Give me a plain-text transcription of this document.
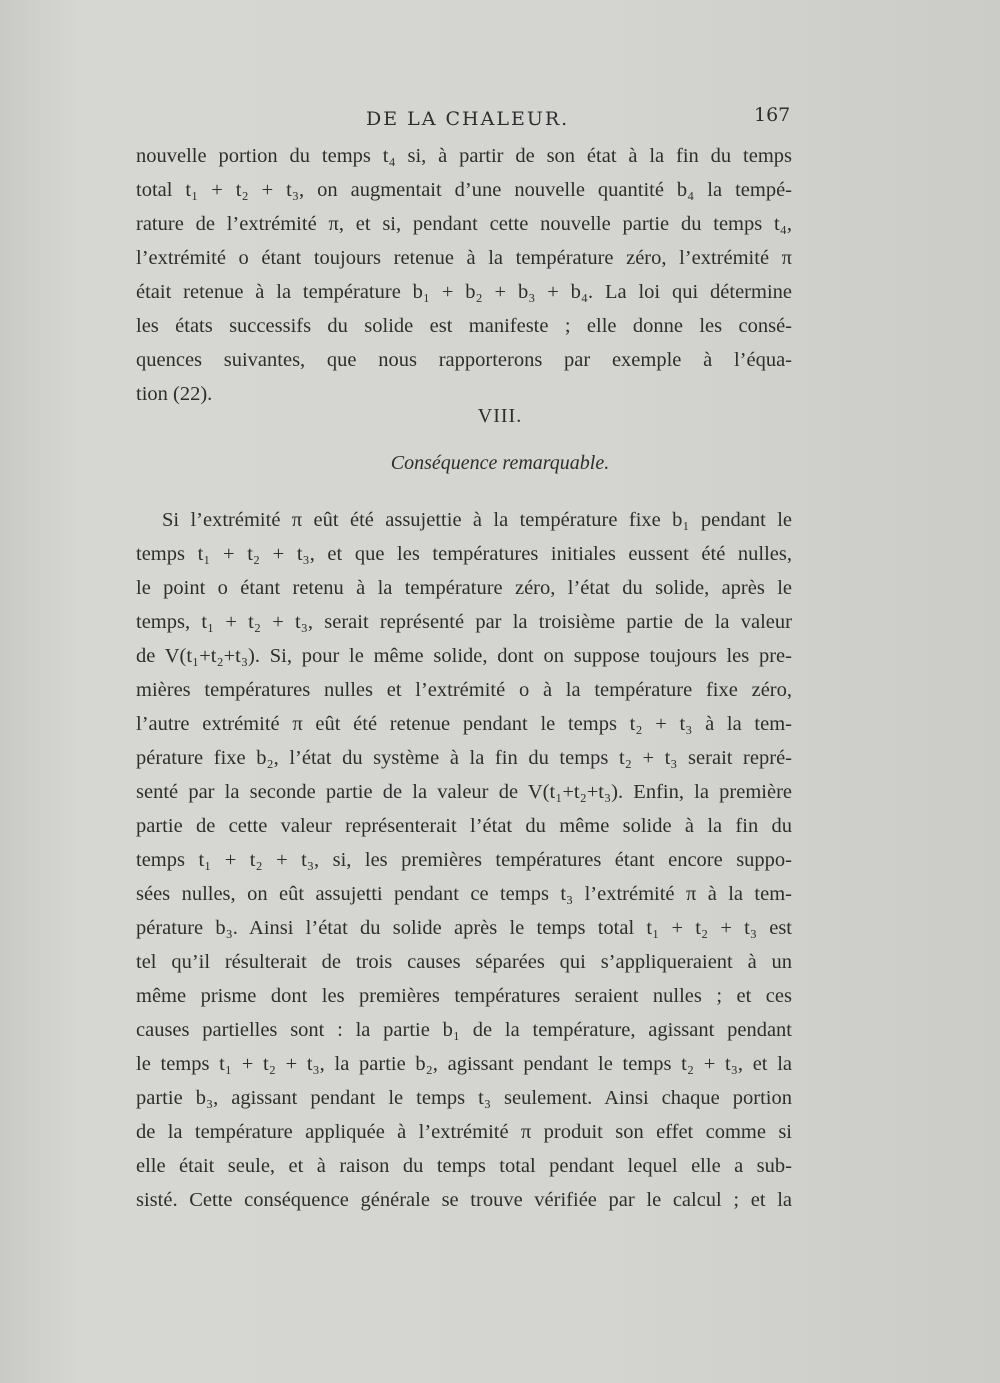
DE LA CHALEUR.	167
nouvelle portion du temps t₄ si, à partir de son état à la fin du temps
total t₁ + t₂ + t₃, on augmentait d’une nouvelle quantité b₄ la tempé-
rature de l’extrémité π, et si, pendant cette nouvelle partie du temps t₄,
l’extrémité o étant toujours retenue à la température zéro, l’extrémité π
était retenue à la température b₁ + b₂ + b₃ + b₄. La loi qui détermine
les états successifs du solide est manifeste ; elle donne les consé-
quences suivantes, que nous rapporterons par exemple à l’équa-
tion (22).
VIII.
Conséquence remarquable.
Si l’extrémité π eût été assujettie à la température fixe b₁ pendant le
temps t₁ + t₂ + t₃, et que les températures initiales eussent été nulles,
le point o étant retenu à la température zéro, l’état du solide, après le
temps, t₁ + t₂ + t₃, serait représenté par la troisième partie de la valeur
de V(t₁+t₂+t₃). Si, pour le même solide, dont on suppose toujours les pre-
mières températures nulles et l’extrémité o à la température fixe zéro,
l’autre extrémité π eût été retenue pendant le temps t₂ + t₃ à la tem-
pérature fixe b₂, l’état du système à la fin du temps t₂ + t₃ serait repré-
senté par la seconde partie de la valeur de V(t₁+t₂+t₃). Enfin, la première
partie de cette valeur représenterait l’état du même solide à la fin du
temps t₁ + t₂ + t₃, si, les premières températures étant encore suppo-
sées nulles, on eût assujetti pendant ce temps t₃ l’extrémité π à la tem-
pérature b₃. Ainsi l’état du solide après le temps total t₁ + t₂ + t₃ est
tel qu’il résulterait de trois causes séparées qui s’appliqueraient à un
même prisme dont les premières températures seraient nulles ; et ces
causes partielles sont : la partie b₁ de la température, agissant pendant
le temps t₁ + t₂ + t₃, la partie b₂, agissant pendant le temps t₂ + t₃, et la
partie b₃, agissant pendant le temps t₃ seulement. Ainsi chaque portion
de la température appliquée à l’extrémité π produit son effet comme si
elle était seule, et à raison du temps total pendant lequel elle a sub-
sisté. Cette conséquence générale se trouve vérifiée par le calcul ; et la
